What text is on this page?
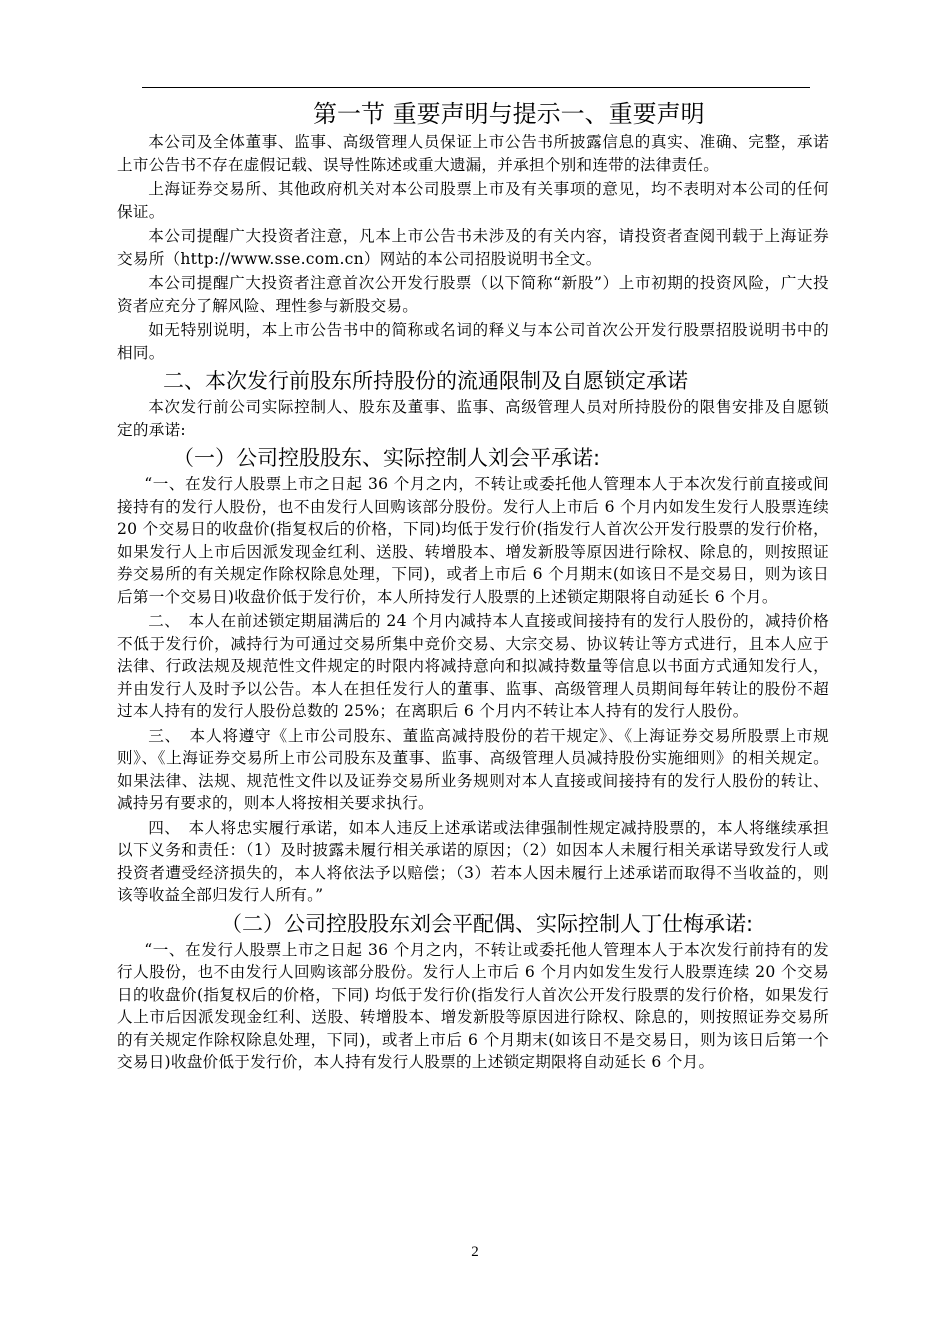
第一节 重要声明与提示一、重要声明

本公司及全体董事、监事、高级管理人员保证上市公告书所披露信息的真实、准确、完整，承诺上市公告书不存在虚假记载、误导性陈述或重大遗漏，并承担个别和连带的法律责任。

上海证券交易所、其他政府机关对本公司股票上市及有关事项的意见，均不表明对本公司的任何保证。

本公司提醒广大投资者注意，凡本上市公告书未涉及的有关内容，请投资者查阅刊载于上海证券交易所（http://www.sse.com.cn）网站的本公司招股说明书全文。

本公司提醒广大投资者注意首次公开发行股票（以下简称“新股”）上市初期的投资风险，广大投资者应充分了解风险、理性参与新股交易。

如无特别说明，本上市公告书中的简称或名词的释义与本公司首次公开发行股票招股说明书中的相同。

二、本次发行前股东所持股份的流通限制及自愿锁定承诺

本次发行前公司实际控制人、股东及董事、监事、高级管理人员对所持股份的限售安排及自愿锁定的承诺:

（一）公司控股股东、实际控制人刘会平承诺:

“一、在发行人股票上市之日起 36 个月之内，不转让或委托他人管理本人于本次发行前直接或间接持有的发行人股份，也不由发行人回购该部分股份。发行人上市后 6 个月内如发生发行人股票连续 20 个交易日的收盘价(指复权后的价格，下同)均低于发行价(指发行人首次公开发行股票的发行价格，如果发行人上市后因派发现金红利、送股、转增股本、增发新股等原因进行除权、除息的，则按照证券交易所的有关规定作除权除息处理，下同)，或者上市后 6 个月期末(如该日不是交易日，则为该日后第一个交易日)收盘价低于发行价，本人所持发行人股票的上述锁定期限将自动延长 6 个月。

二、　本人在前述锁定期届满后的 24 个月内减持本人直接或间接持有的发行人股份的，减持价格不低于发行价，减持行为可通过交易所集中竞价交易、大宗交易、协议转让等方式进行，且本人应于法律、行政法规及规范性文件规定的时限内将减持意向和拟减持数量等信息以书面方式通知发行人，并由发行人及时予以公告。本人在担任发行人的董事、监事、高级管理人员期间每年转让的股份不超过本人持有的发行人股份总数的 25%；在离职后 6 个月内不转让本人持有的发行人股份。

三、　本人将遵守《上市公司股东、董监高减持股份的若干规定》、《上海证券交易所股票上市规则》、《上海证券交易所上市公司股东及董事、监事、高级管理人员减持股份实施细则》的相关规定。如果法律、法规、规范性文件以及证券交易所业务规则对本人直接或间接持有的发行人股份的转让、减持另有要求的，则本人将按相关要求执行。

四、　本人将忠实履行承诺，如本人违反上述承诺或法律强制性规定减持股票的，本人将继续承担以下义务和责任：（1）及时披露未履行相关承诺的原因；（2）如因本人未履行相关承诺导致发行人或投资者遭受经济损失的，本人将依法予以赔偿；（3）若本人因未履行上述承诺而取得不当收益的，则该等收益全部归发行人所有。”

（二）公司控股股东刘会平配偶、实际控制人丁仕梅承诺:

“一、在发行人股票上市之日起 36 个月之内，不转让或委托他人管理本人于本次发行前持有的发行人股份，也不由发行人回购该部分股份。发行人上市后 6 个月内如发生发行人股票连续 20 个交易日的收盘价(指复权后的价格，下同) 均低于发行价(指发行人首次公开发行股票的发行价格，如果发行人上市后因派发现金红利、送股、转增股本、增发新股等原因进行除权、除息的，则按照证券交易所的有关规定作除权除息处理，下同)，或者上市后 6 个月期末(如该日不是交易日，则为该日后第一个交易日)收盘价低于发行价，本人持有发行人股票的上述锁定期限将自动延长 6 个月。

2
